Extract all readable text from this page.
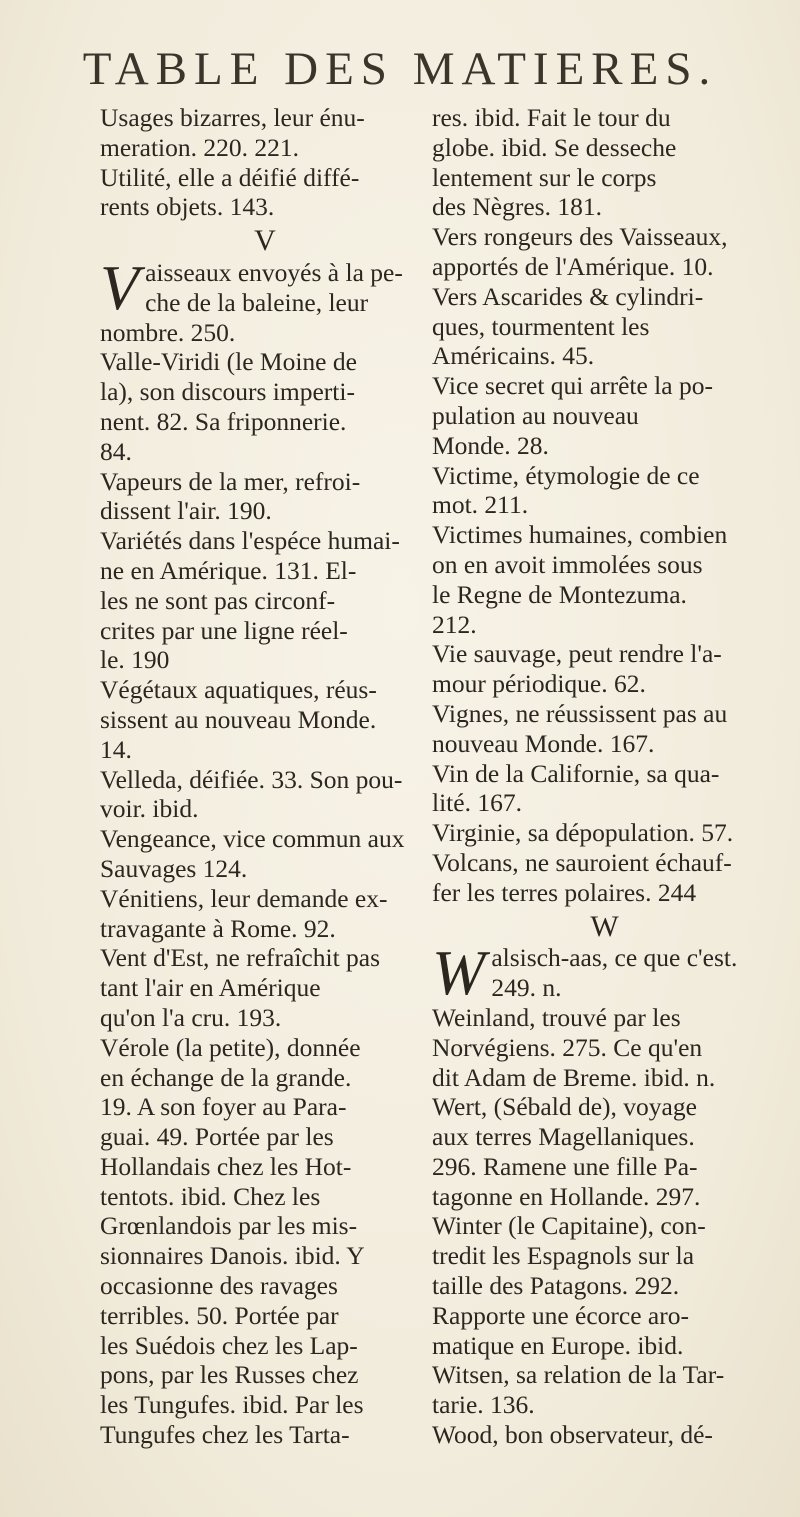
TABLE DES MATIERES.
Usages bizarres, leur énu-
meration. 220. 221.
Utilité, elle a déifié diffé-
rents objets. 143.
V
V aisseaux envoyés à la pe-
che de la baleine, leur
nombre. 250.
Valle-Viridi (le Moine de
la), son discours imperti-
nent. 82. Sa friponnerie.
84.
Vapeurs de la mer, refroi-
dissent l'air. 190.
Variétés dans l'espéce humai-
ne en Amérique. 131. El-
les ne sont pas circonf-
crites par une ligne réel-
le. 190
Végétaux aquatiques, réus-
sissent au nouveau Monde.
14.
Velleda, déifiée. 33. Son pou-
voir. ibid.
Vengeance, vice commun aux
Sauvages 124.
Vénitiens, leur demande ex-
travagante à Rome. 92.
Vent d'Est, ne refraîchit pas
tant l'air en Amérique
qu'on l'a cru. 193.
Vérole (la petite), donnée
en échange de la grande.
19. A son foyer au Para-
guai. 49. Portée par les
Hollandais chez les Hot-
tentots. ibid. Chez les
Grœnlandois par les mis-
sionnaires Danois. ibid. Y
occasionne des ravages
terribles. 50. Portée par
les Suédois chez les Lap-
pons, par les Russes chez
les Tungufes. ibid. Par les
Tungufes chez les Tarta-
res. ibid. Fait le tour du
globe. ibid. Se desseche
lentement sur le corps
des Nègres. 181.
Vers rongeurs des Vaisseaux,
apportés de l'Amérique. 10.
Vers Ascarides & cylindri-
ques, tourmentent les
Américains. 45.
Vice secret qui arrête la po-
pulation au nouveau
Monde. 28.
Victime, étymologie de ce
mot. 211.
Victimes humaines, combien
on en avoit immolées sous
le Regne de Montezuma.
212.
Vie sauvage, peut rendre l'a-
mour périodique. 62.
Vignes, ne réussissent pas au
nouveau Monde. 167.
Vin de la Californie, sa qua-
lité. 167.
Virginie, sa dépopulation. 57.
Volcans, ne sauroient échauf-
fer les terres polaires. 244
W
W alsisch-aas, ce que c'est.
249. n.
Weinland, trouvé par les
Norvégiens. 275. Ce qu'en
dit Adam de Breme. ibid. n.
Wert, (Sébald de), voyage
aux terres Magellaniques.
296. Ramene une fille Pa-
tagonne en Hollande. 297.
Winter (le Capitaine), con-
tredit les Espagnols sur la
taille des Patagons. 292.
Rapporte une écorce aro-
matique en Europe. ibid.
Witsen, sa relation de la Tar-
tarie. 136.
Wood, bon observateur, dé-
